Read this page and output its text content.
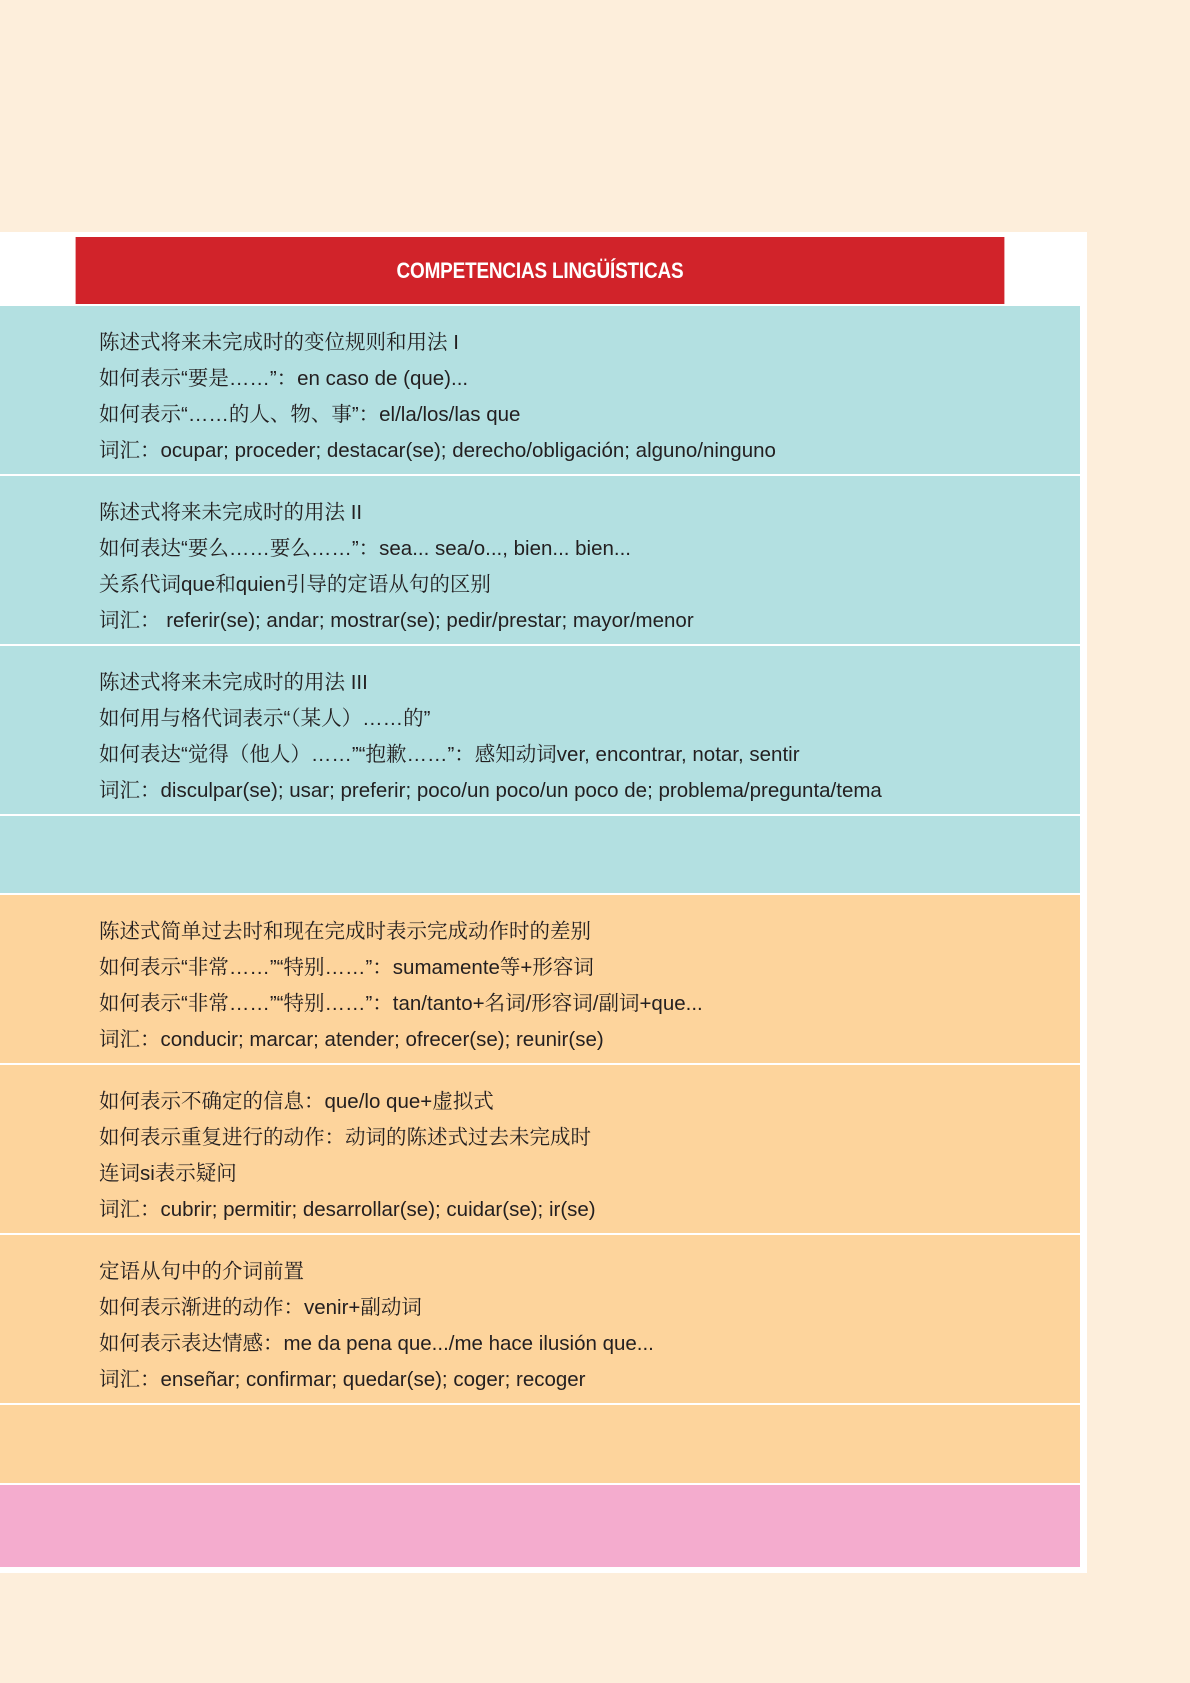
COMPETENCIAS LINGÜÍSTICAS
陈述式将来未完成时的变位规则和用法 I
如何表示“要是……”：en caso de (que)...
如何表示“……的人、物、事”：el/la/los/las que
词汇：ocupar; proceder; destacar(se); derecho/obligación; alguno/ninguno
陈述式将来未完成时的用法 II
如何表达“要么……要么……”：sea... sea/o..., bien... bien...
关系代词que和quien引导的定语从句的区别
词汇： referir(se); andar; mostrar(se); pedir/prestar; mayor/menor
陈述式将来未完成时的用法 III
如何用与格代词表示“（某人）……的”
如何表达“觉得（他人）……”“抱歉……”：感知动词ver, encontrar, notar, sentir
词汇：disculpar(se); usar; preferir; poco/un poco/un poco de; problema/pregunta/tema
陈述式简单过去时和现在完成时表示完成动作时的差别
如何表示“非常……”“特别……”：sumamente等+形容词
如何表示“非常……”“特别……”：tan/tanto+名词/形容词/副词+que...
词汇：conducir; marcar; atender; ofrecer(se); reunir(se)
如何表示不确定的信息：que/lo que+虚拟式
如何表示重复进行的动作：动词的陈述式过去未完成时
连词si表示疑问
词汇：cubrir; permitir; desarrollar(se); cuidar(se); ir(se)
定语从句中的介词前置
如何表示渐进的动作：venir+副动词
如何表示表达情感：me da pena que.../me hace ilusión que...
词汇：enseñar; confirmar; quedar(se); coger; recoger
